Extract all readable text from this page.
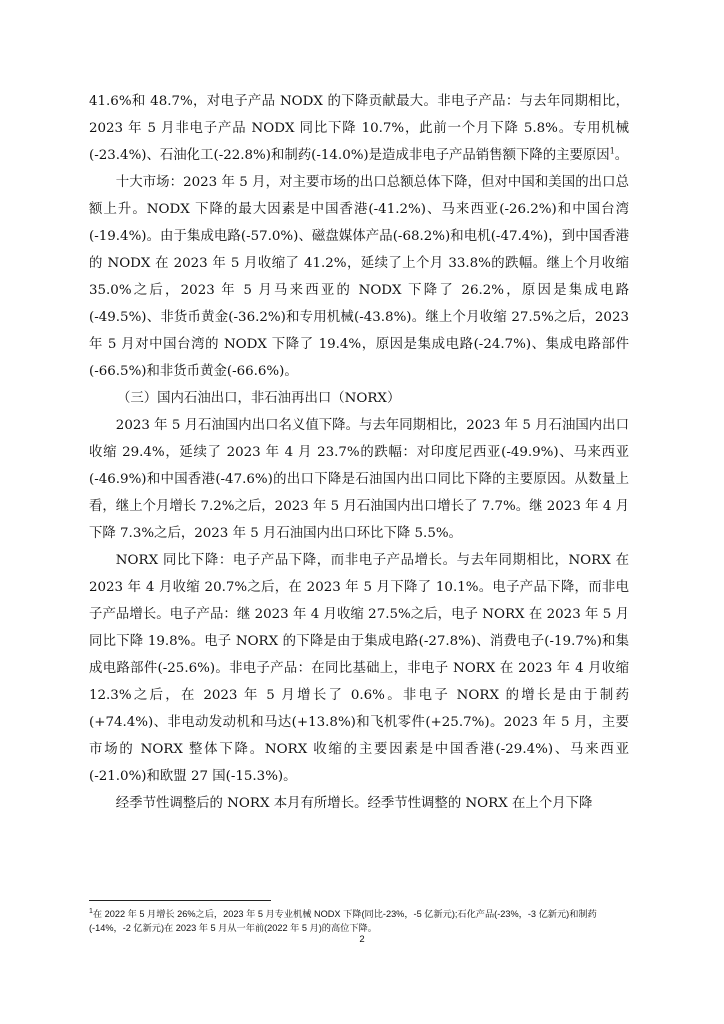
41.6%和 48.7%，对电子产品 NODX 的下降贡献最大。非电子产品：与去年同期相比，2023 年 5 月非电子产品 NODX 同比下降 10.7%，此前一个月下降 5.8%。专用机械(-23.4%)、石油化工(-22.8%)和制药(-14.0%)是造成非电子产品销售额下降的主要原因$^1$。

十大市场：2023 年 5 月，对主要市场的出口总额总体下降，但对中国和美国的出口总额上升。NODX 下降的最大因素是中国香港(-41.2%)、马来西亚(-26.2%)和中国台湾(-19.4%)。由于集成电路(-57.0%)、磁盘媒体产品(-68.2%)和电机(-47.4%)，到中国香港的 NODX 在 2023 年 5 月收缩了 41.2%，延续了上个月 33.8%的跌幅。继上个月收缩 35.0%之后，2023 年 5 月马来西亚的 NODX 下降了 26.2%，原因是集成电路(-49.5%)、非货币黄金(-36.2%)和专用机械(-43.8%)。继上个月收缩 27.5%之后，2023 年 5 月对中国台湾的 NODX 下降了 19.4%，原因是集成电路(-24.7%)、集成电路部件(-66.5%)和非货币黄金(-66.6%)。

（三）国内石油出口，非石油再出口（NORX）

2023 年 5 月石油国内出口名义值下降。与去年同期相比，2023 年 5 月石油国内出口收缩 29.4%，延续了 2023 年 4 月 23.7%的跌幅：对印度尼西亚(-49.9%)、马来西亚(-46.9%)和中国香港(-47.6%)的出口下降是石油国内出口同比下降的主要原因。从数量上看，继上个月增长 7.2%之后，2023 年 5 月石油国内出口增长了 7.7%。继 2023 年 4 月下降 7.3%之后，2023 年 5 月石油国内出口环比下降 5.5%。

NORX 同比下降：电子产品下降，而非电子产品增长。与去年同期相比，NORX 在 2023 年 4 月收缩 20.7%之后，在 2023 年 5 月下降了 10.1%。电子产品下降，而非电子产品增长。电子产品：继 2023 年 4 月收缩 27.5%之后，电子 NORX 在 2023 年 5 月同比下降 19.8%。电子 NORX 的下降是由于集成电路(-27.8%)、消费电子(-19.7%)和集成电路部件(-25.6%)。非电子产品：在同比基础上，非电子 NORX 在 2023 年 4 月收缩 12.3%之后，在 2023 年 5 月增长了 0.6%。非电子 NORX 的增长是由于制药(+74.4%)、非电动发动机和马达(+13.8%)和飞机零件(+25.7%)。2023 年 5 月，主要市场的 NORX 整体下降。NORX 收缩的主要因素是中国香港(-29.4%)、马来西亚(-21.0%)和欧盟 27 国(-15.3%)。

经季节性调整后的 NORX 本月有所增长。经季节性调整的 NORX 在上个月下降

$^1$在 2022 年 5 月增长 26%之后，2023 年 5 月专业机械 NODX 下降(同比-23%，-5 亿新元);石化产品(-23%，-3 亿新元)和制药(-14%，-2 亿新元)在 2023 年 5 月从一年前(2022 年 5 月)的高位下降。

2
